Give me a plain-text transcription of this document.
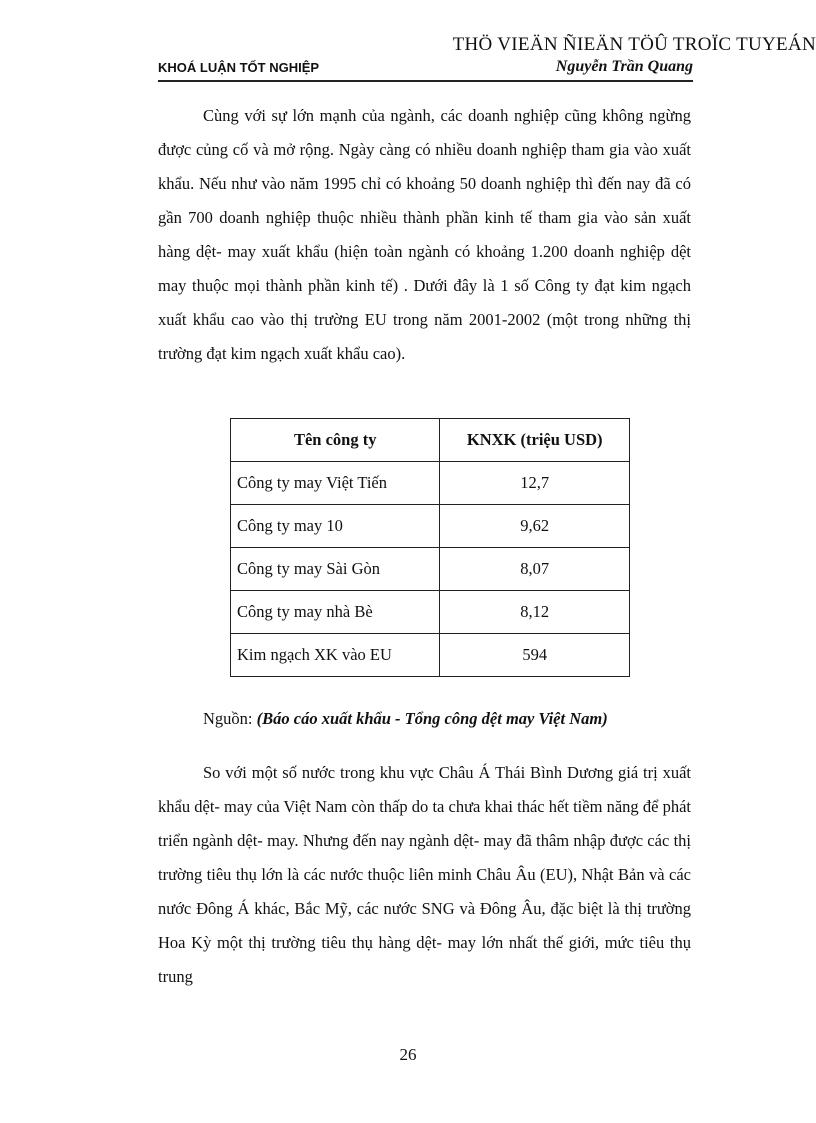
THÖ VIEÄN ÑIEÄN TÖÛ TROÏC TUYEÁN
KHOÁ LUẬN TỐT NGHIỆP	Nguyễn Trần Quang

Cùng với sự lớn mạnh của ngành, các doanh nghiệp cũng không ngừng được củng cố và mở rộng. Ngày càng có nhiều doanh nghiệp tham gia vào xuất khẩu. Nếu như vào năm 1995 chỉ có khoảng 50 doanh nghiệp thì đến nay đã có gần 700 doanh nghiệp thuộc nhiều thành phần kinh tế tham gia vào sản xuất hàng dệt- may xuất khẩu (hiện toàn ngành có khoảng 1.200 doanh nghiệp dệt may thuộc mọi thành phần kinh tế) . Dưới đây là 1 số Công ty đạt kim ngạch xuất khẩu cao vào thị trường EU trong năm 2001-2002 (một trong những thị trường đạt kim ngạch xuất khẩu cao).

Tên công ty	KNXK (triệu USD)
Công ty may Việt Tiến	12,7
Công ty may 10	9,62
Công ty may Sài Gòn	8,07
Công ty may nhà Bè	8,12
Kim ngạch XK vào EU	594
Nguồn: (Báo cáo xuất khẩu - Tổng công dệt may Việt Nam)

So với một số nước trong khu vực Châu Á Thái Bình Dương giá trị xuất khẩu dệt- may của Việt Nam còn thấp do ta chưa khai thác hết tiềm năng để phát triển ngành dệt- may. Nhưng đến nay ngành dệt- may đã thâm nhập được các thị trường tiêu thụ lớn là các nước thuộc liên minh Châu Âu (EU), Nhật Bản và các nước Đông Á khác, Bắc Mỹ, các nước SNG và Đông Âu, đặc biệt là thị trường Hoa Kỳ một thị trường tiêu thụ hàng dệt- may lớn nhất thế giới, mức tiêu thụ trung

26
